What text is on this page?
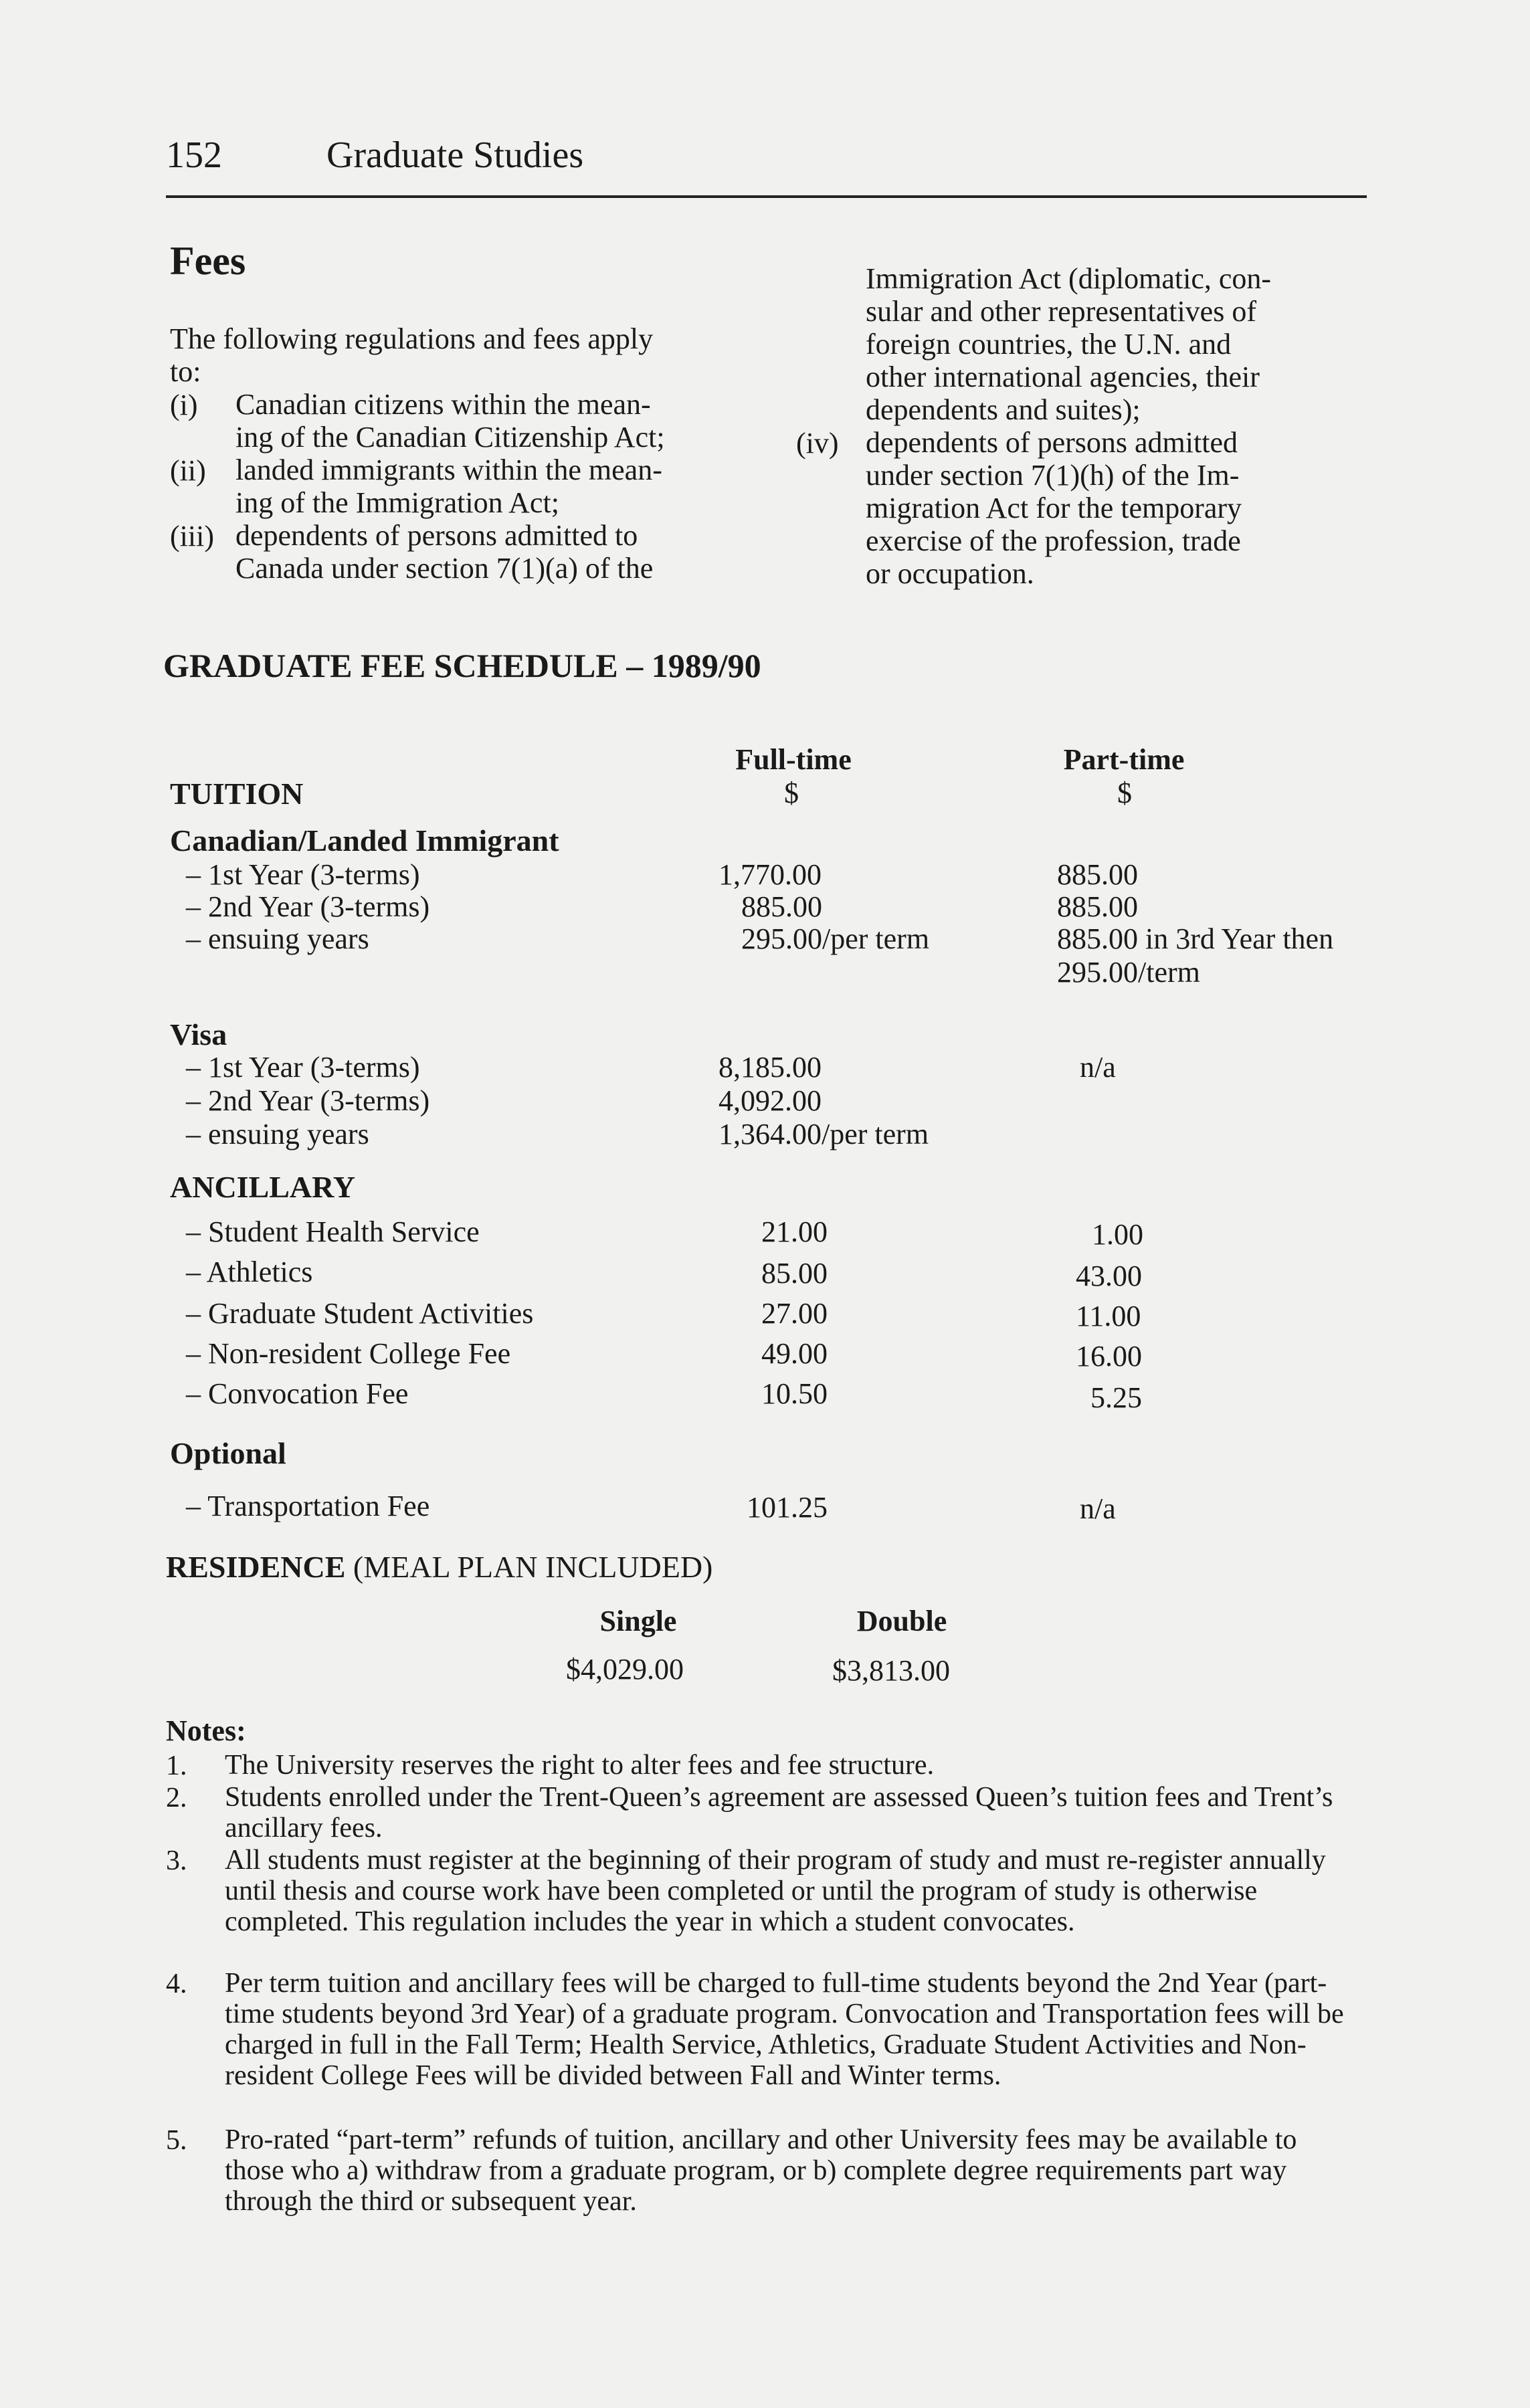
152	Graduate Studies
Fees
The following regulations and fees apply
to:
(i) Canadian citizens within the mean-
ing of the Canadian Citizenship Act;
(ii) landed immigrants within the mean-
ing of the Immigration Act;
(iii) dependents of persons admitted to
Canada under section 7(1)(a) of the
Immigration Act (diplomatic, con-
sular and other representatives of
foreign countries, the U.N. and
other international agencies, their
dependents and suites);
(iv) dependents of persons admitted
under section 7(1)(h) of the Im-
migration Act for the temporary
exercise of the profession, trade
or occupation.
GRADUATE FEE SCHEDULE – 1989/90
Full-time	Part-time
$	$
TUITION
Canadian/Landed Immigrant
– 1st Year (3-terms)	1,770.00	885.00
– 2nd Year (3-terms)	885.00	885.00
– ensuing years	295.00/per term	885.00 in 3rd Year then
295.00/term
Visa
– 1st Year (3-terms)	8,185.00	n/a
– 2nd Year (3-terms)	4,092.00
– ensuing years	1,364.00/per term
ANCILLARY
– Student Health Service	21.00	1.00
– Athletics	85.00	43.00
– Graduate Student Activities	27.00	11.00
– Non-resident College Fee	49.00	16.00
– Convocation Fee	10.50	5.25
Optional
– Transportation Fee	101.25	n/a
RESIDENCE (MEAL PLAN INCLUDED)
Single	Double
$4,029.00	$3,813.00
Notes:
1. The University reserves the right to alter fees and fee structure.
2. Students enrolled under the Trent-Queen’s agreement are assessed Queen’s tuition fees and Trent’s ancillary fees.
3. All students must register at the beginning of their program of study and must re-register annually until thesis and course work have been completed or until the program of study is otherwise completed. This regulation includes the year in which a student convocates.
4. Per term tuition and ancillary fees will be charged to full-time students beyond the 2nd Year (part-time students beyond 3rd Year) of a graduate program. Convocation and Transportation fees will be charged in full in the Fall Term; Health Service, Athletics, Graduate Student Activities and Non-resident College Fees will be divided between Fall and Winter terms.
5. Pro-rated “part-term” refunds of tuition, ancillary and other University fees may be available to those who a) withdraw from a graduate program, or b) complete degree requirements part way through the third or subsequent year.
